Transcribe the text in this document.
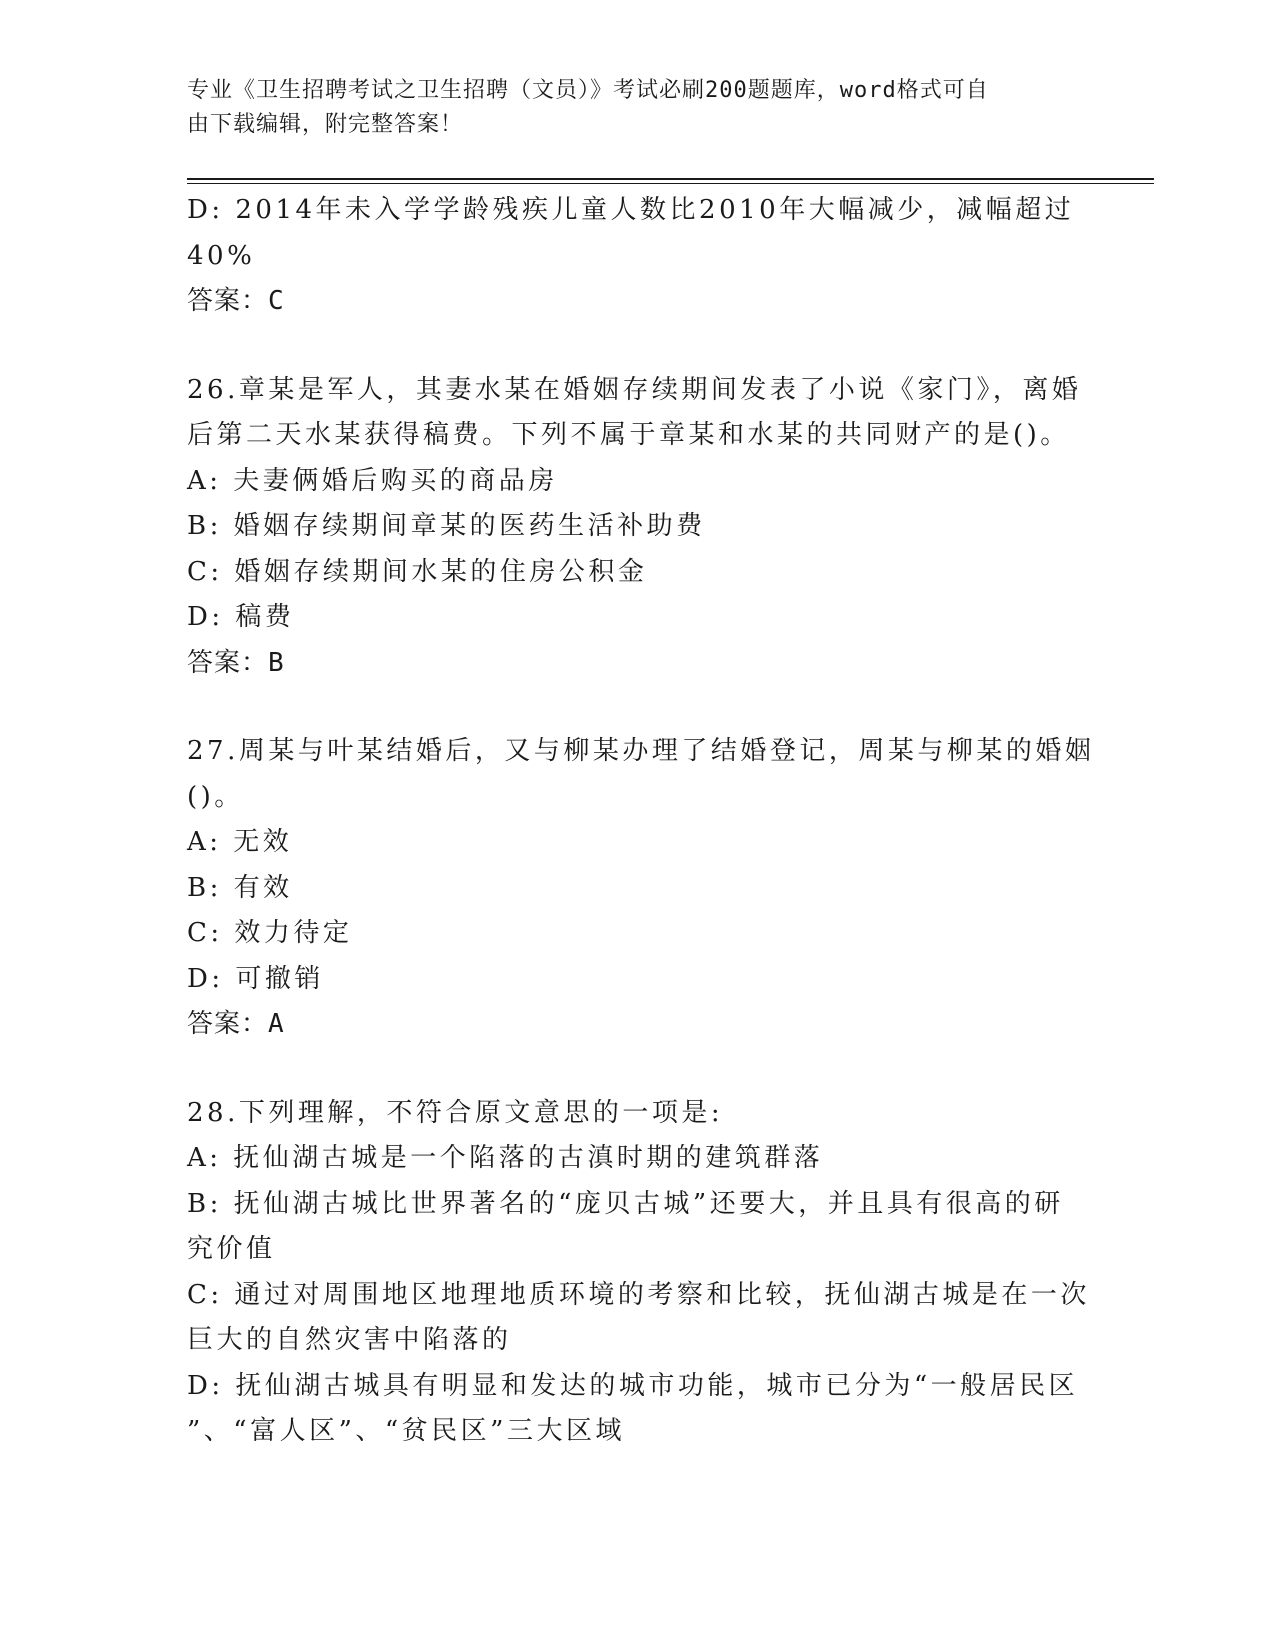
专业《卫生招聘考试之卫生招聘（文员）》考试必刷200题题库，word格式可自
由下载编辑，附完整答案！
D: 2014年未入学学龄残疾儿童人数比2010年大幅减少，减幅超过
40%
答案：C
26.章某是军人，其妻水某在婚姻存续期间发表了小说《家门》，离婚
后第二天水某获得稿费。下列不属于章某和水某的共同财产的是()。
A: 夫妻俩婚后购买的商品房
B: 婚姻存续期间章某的医药生活补助费
C: 婚姻存续期间水某的住房公积金
D: 稿费
答案：B
27.周某与叶某结婚后，又与柳某办理了结婚登记，周某与柳某的婚姻
()。
A: 无效
B: 有效
C: 效力待定
D: 可撤销
答案：A
28.下列理解，不符合原文意思的一项是:
A: 抚仙湖古城是一个陷落的古滇时期的建筑群落
B: 抚仙湖古城比世界著名的“庞贝古城”还要大，并且具有很高的研
究价值
C: 通过对周围地区地理地质环境的考察和比较，抚仙湖古城是在一次
巨大的自然灾害中陷落的
D: 抚仙湖古城具有明显和发达的城市功能，城市已分为“一般居民区
”、“富人区”、“贫民区”三大区域
